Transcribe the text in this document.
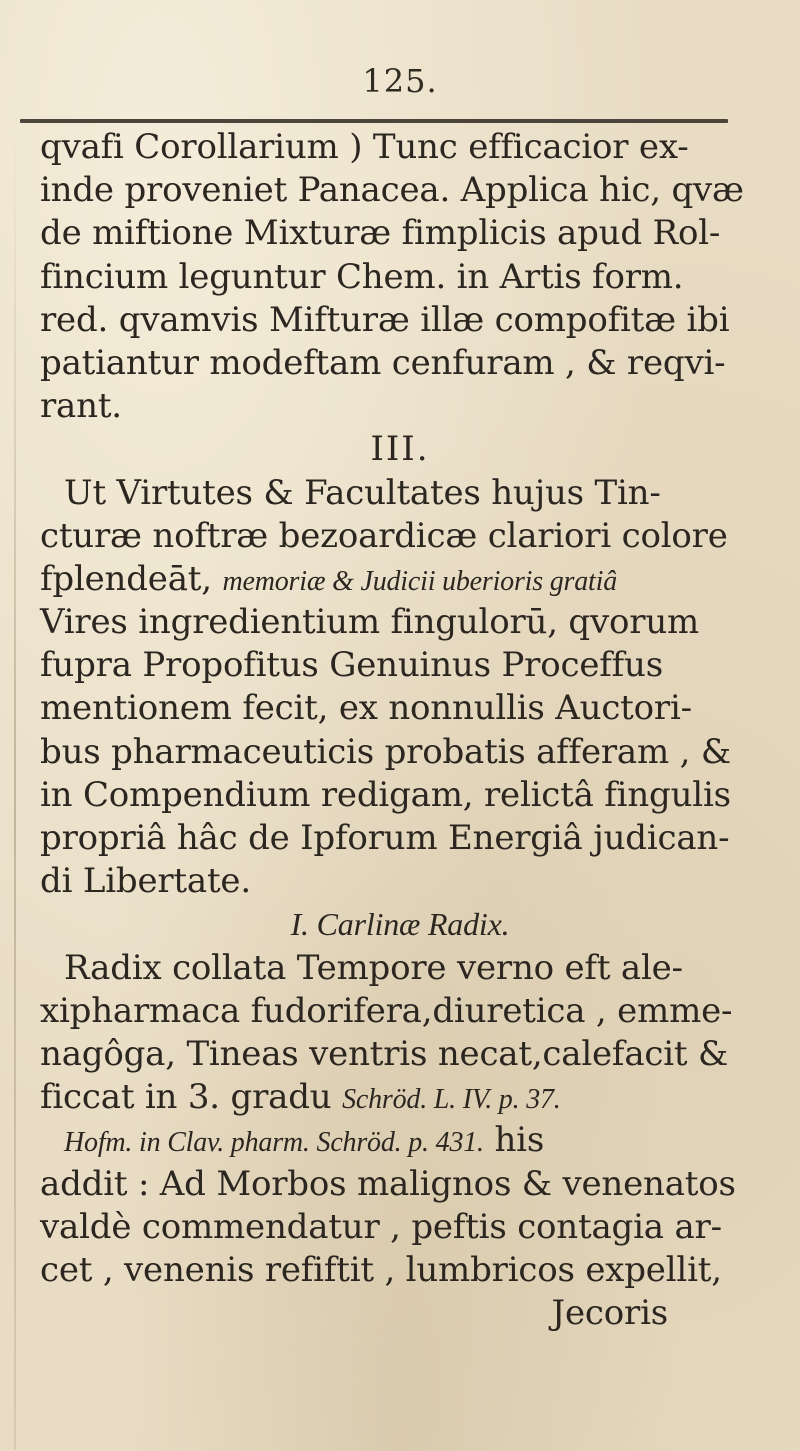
125.
qvafi Corollarium ) Tunc efficacior ex-
inde proveniet Panacea. Applica hic, qvæ
de miftione Mixturæ fimplicis apud Rol-
fincium leguntur Chem. in Artis form.
red. qvamvis Mifturæ illæ compofitæ ibi
patiantur modeftam cenfuram , & reqvi-
rant.
III.
Ut Virtutes & Facultates hujus Tin-
cturæ noftræ bezoardicæ clariori colore
fplendeāt, memoriæ & Judicii uberioris gratiâ
Vires ingredientium fingulorū, qvorum
fupra Propofitus Genuinus Proceffus
mentionem fecit, ex nonnullis Auctori-
bus pharmaceuticis probatis afferam , &
in Compendium redigam, relictâ fingulis
propriâ hâc de Ipforum Energiâ judican-
di Libertate.
I. Carlinæ Radix.
Radix collata Tempore verno eft ale-
xipharmaca fudorifera,diuretica , emme-
nagôga, Tineas ventris necat,calefacit &
ficcat in 3. gradu Schröd. L. IV. p. 37.
Hofm. in Clav. pharm. Schröd. p. 431. his
addit : Ad Morbos malignos & venenatos
valdè commendatur , peftis contagia ar-
cet , venenis refiftit , lumbricos expellit,
Jecoris
